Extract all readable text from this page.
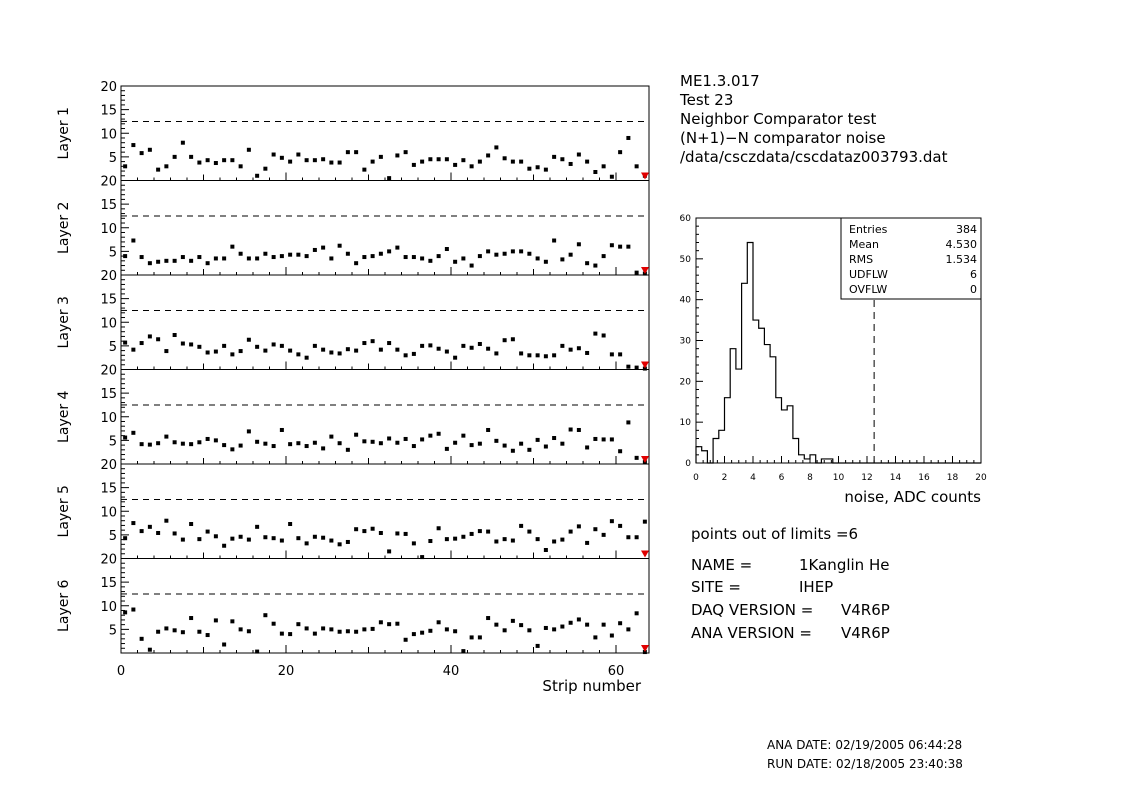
ME1.3.017
Test 23
Neighbor Comparator test
(N+1)−N comparator noise
/data/csczdata/cscdataz003793.dat
points out of limits =6
NAME =	1Kanglin He
SITE =	IHEP
DAQ VERSION = V4R6P
ANA VERSION = V4R6P
ANA DATE: 02/19/2005 06:44:28
RUN DATE: 02/18/2005 23:40:38
5
10
15
20
Layer 1
5
10
15
20
Layer 2
5
10
15
20
Layer 3
5
10
15
20
Layer 4
5
10
15
20
Layer 5
5
10
15
20
Layer 6
0	20	40	60
Strip number
0
10
20
30
40
50
60
0	2	4	6	8 10 12 14 16 18 20
Entries	384
Mean	4.530
RMS	1.534
UDFLW	6
OVFLW	0
noise, ADC counts
